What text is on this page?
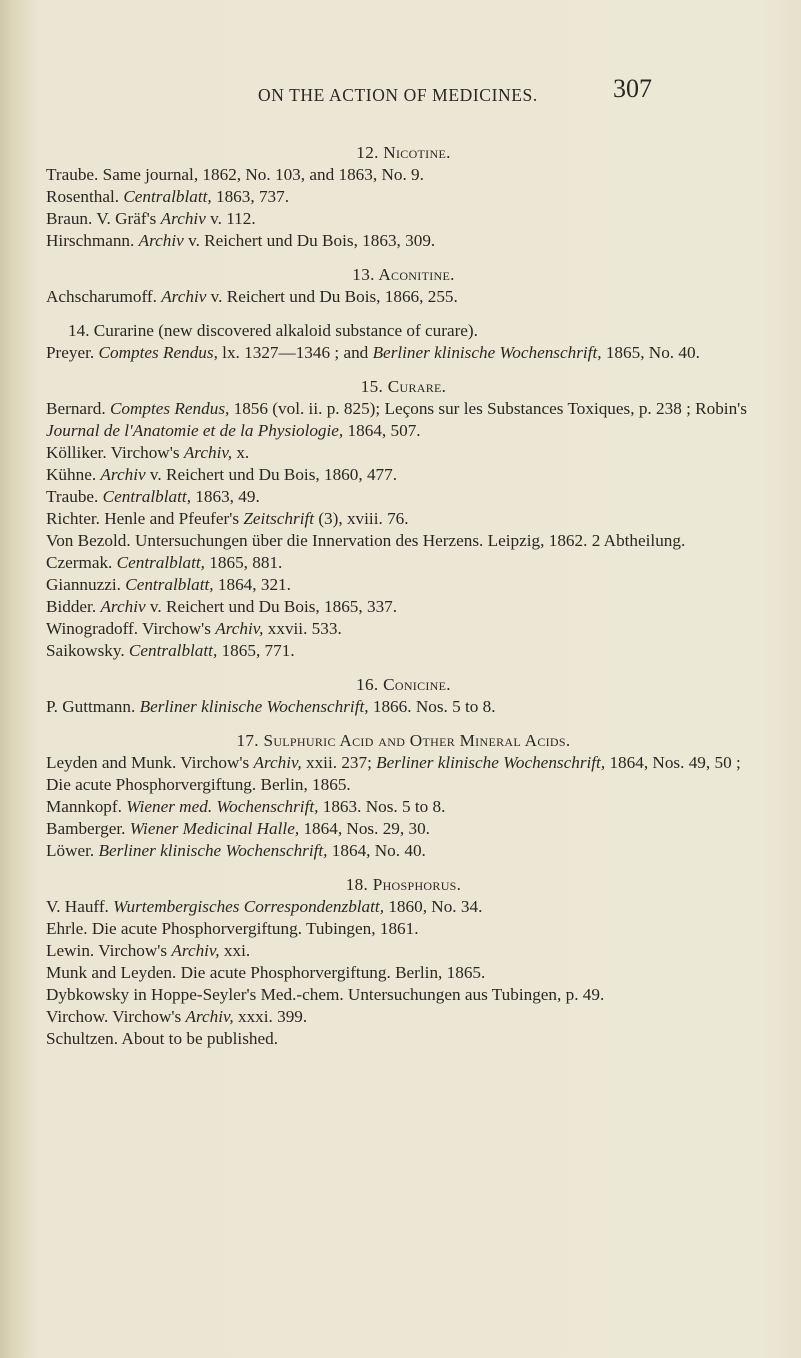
ON THE ACTION OF MEDICINES.	307
12. Nicotine.

Traube. Same journal, 1862, No. 103, and 1863, No. 9.

Rosenthal. Centralblatt, 1863, 737.

Braun. V. Gräf's Archiv v. 112.

Hirschmann. Archiv v. Reichert und Du Bois, 1863, 309.

13. Aconitine.

Achscharumoff. Archiv v. Reichert und Du Bois, 1866, 255.

14. Curarine (new discovered alkaloid substance of curare).

Preyer. Comptes Rendus, lx. 1327—1346 ; and Berliner klinische Wochenschrift, 1865, No. 40.

15. Curare.

Bernard. Comptes Rendus, 1856 (vol. ii. p. 825); Leçons sur les Substances Toxiques, p. 238 ; Robin's Journal de l'Anatomie et de la Physiologie, 1864, 507.

Kölliker. Virchow's Archiv, x.

Kühne. Archiv v. Reichert und Du Bois, 1860, 477.

Traube. Centralblatt, 1863, 49.

Richter. Henle and Pfeufer's Zeitschrift (3), xviii. 76.

Von Bezold. Untersuchungen über die Innervation des Herzens. Leipzig, 1862. 2 Abtheilung.

Czermak. Centralblatt, 1865, 881.

Giannuzzi. Centralblatt, 1864, 321.

Bidder. Archiv v. Reichert und Du Bois, 1865, 337.

Winogradoff. Virchow's Archiv, xxvii. 533.

Saikowsky. Centralblatt, 1865, 771.

16. Conicine.

P. Guttmann. Berliner klinische Wochenschrift, 1866. Nos. 5 to 8.

17. Sulphuric Acid and Other Mineral Acids.

Leyden and Munk. Virchow's Archiv, xxii. 237; Berliner klinische Wochenschrift, 1864, Nos. 49, 50 ; Die acute Phosphorvergiftung. Berlin, 1865.

Mannkopf. Wiener med. Wochenschrift, 1863. Nos. 5 to 8.

Bamberger. Wiener Medicinal Halle, 1864, Nos. 29, 30.

Löwer. Berliner klinische Wochenschrift, 1864, No. 40.

18. Phosphorus.

V. Hauff. Wurtembergisches Correspondenzblatt, 1860, No. 34.

Ehrle. Die acute Phosphorvergiftung. Tubingen, 1861.

Lewin. Virchow's Archiv, xxi.

Munk and Leyden. Die acute Phosphorvergiftung. Berlin, 1865.

Dybkowsky in Hoppe-Seyler's Med.-chem. Untersuchungen aus Tubingen, p. 49.

Virchow. Virchow's Archiv, xxxi. 399.

Schultzen. About to be published.
